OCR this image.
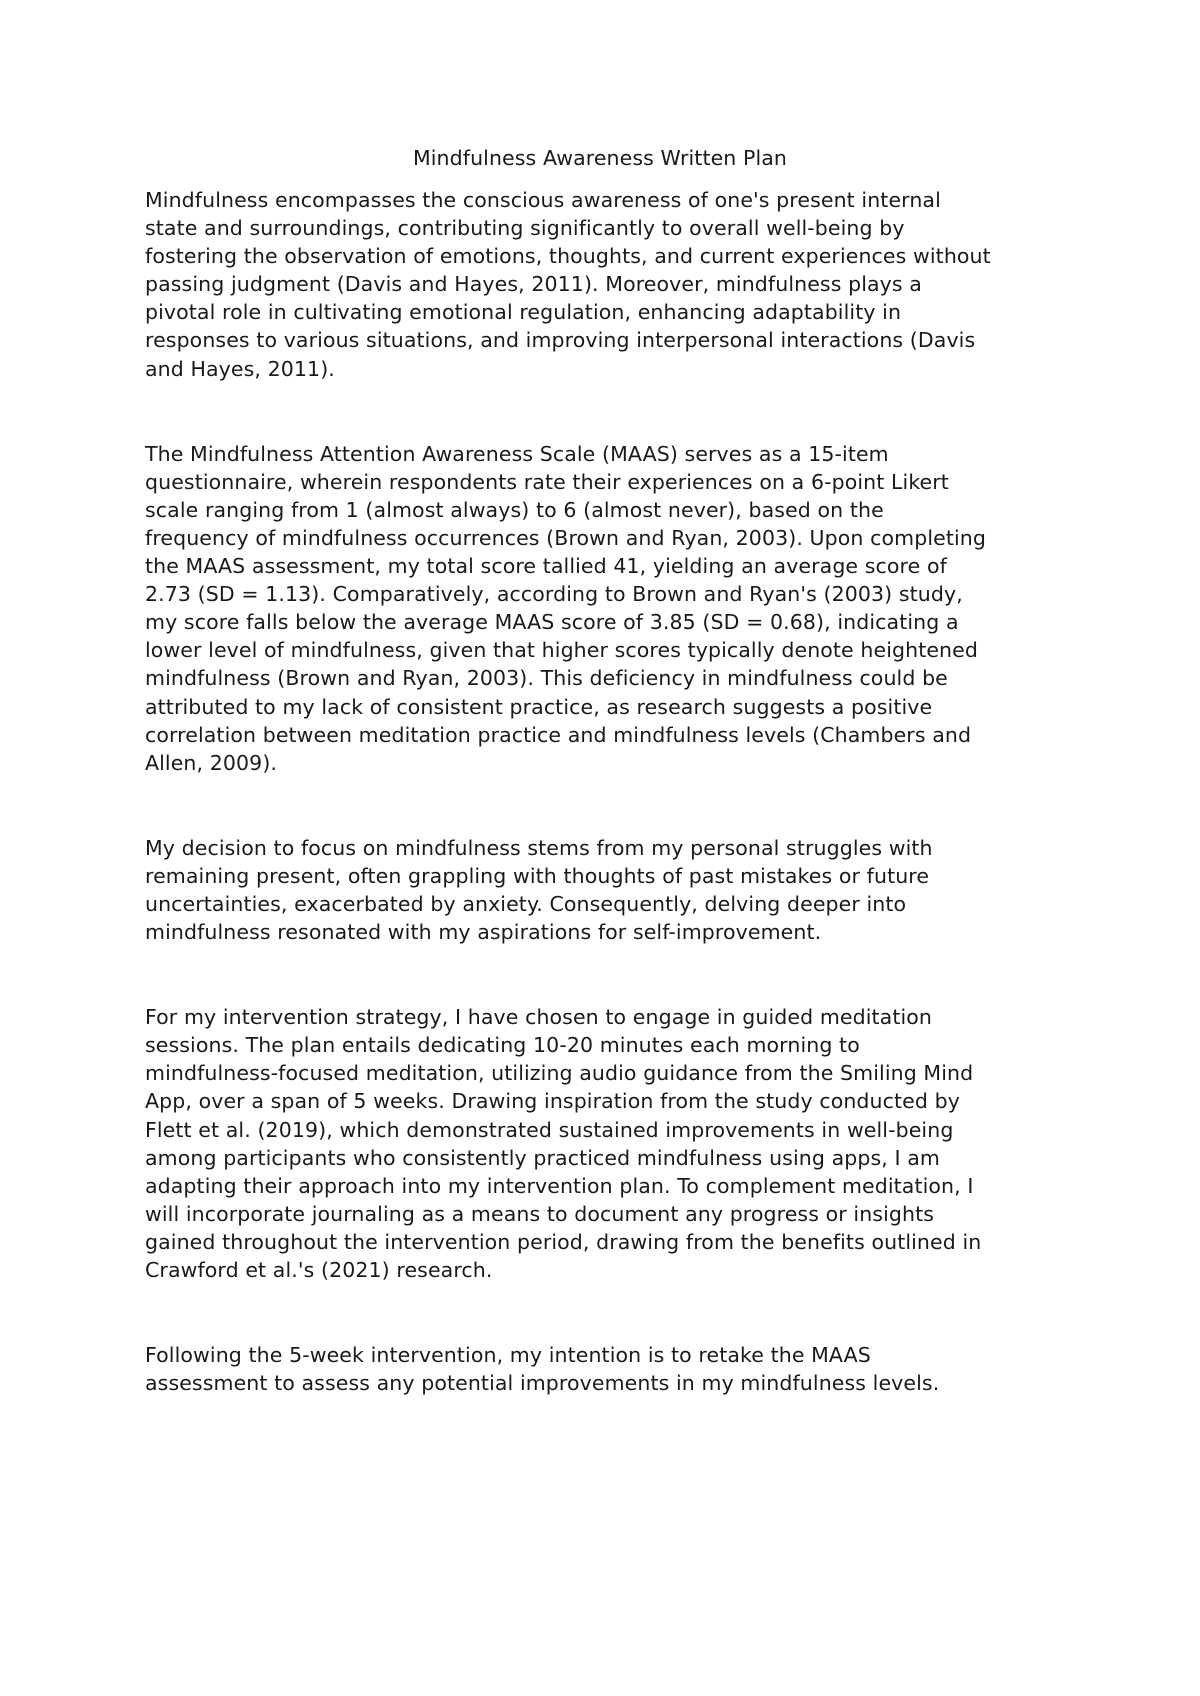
Mindfulness Awareness Written Plan

Mindfulness encompasses the conscious awareness of one's present internal
state and surroundings, contributing significantly to overall well-being by
fostering the observation of emotions, thoughts, and current experiences without
passing judgment (Davis and Hayes, 2011). Moreover, mindfulness plays a
pivotal role in cultivating emotional regulation, enhancing adaptability in
responses to various situations, and improving interpersonal interactions (Davis
and Hayes, 2011).

The Mindfulness Attention Awareness Scale (MAAS) serves as a 15-item
questionnaire, wherein respondents rate their experiences on a 6-point Likert
scale ranging from 1 (almost always) to 6 (almost never), based on the
frequency of mindfulness occurrences (Brown and Ryan, 2003). Upon completing
the MAAS assessment, my total score tallied 41, yielding an average score of
2.73 (SD = 1.13). Comparatively, according to Brown and Ryan's (2003) study,
my score falls below the average MAAS score of 3.85 (SD = 0.68), indicating a
lower level of mindfulness, given that higher scores typically denote heightened
mindfulness (Brown and Ryan, 2003). This deficiency in mindfulness could be
attributed to my lack of consistent practice, as research suggests a positive
correlation between meditation practice and mindfulness levels (Chambers and
Allen, 2009).

My decision to focus on mindfulness stems from my personal struggles with
remaining present, often grappling with thoughts of past mistakes or future
uncertainties, exacerbated by anxiety. Consequently, delving deeper into
mindfulness resonated with my aspirations for self-improvement.

For my intervention strategy, I have chosen to engage in guided meditation
sessions. The plan entails dedicating 10-20 minutes each morning to
mindfulness-focused meditation, utilizing audio guidance from the Smiling Mind
App, over a span of 5 weeks. Drawing inspiration from the study conducted by
Flett et al. (2019), which demonstrated sustained improvements in well-being
among participants who consistently practiced mindfulness using apps, I am
adapting their approach into my intervention plan. To complement meditation, I
will incorporate journaling as a means to document any progress or insights
gained throughout the intervention period, drawing from the benefits outlined in
Crawford et al.'s (2021) research.

Following the 5-week intervention, my intention is to retake the MAAS
assessment to assess any potential improvements in my mindfulness levels.
